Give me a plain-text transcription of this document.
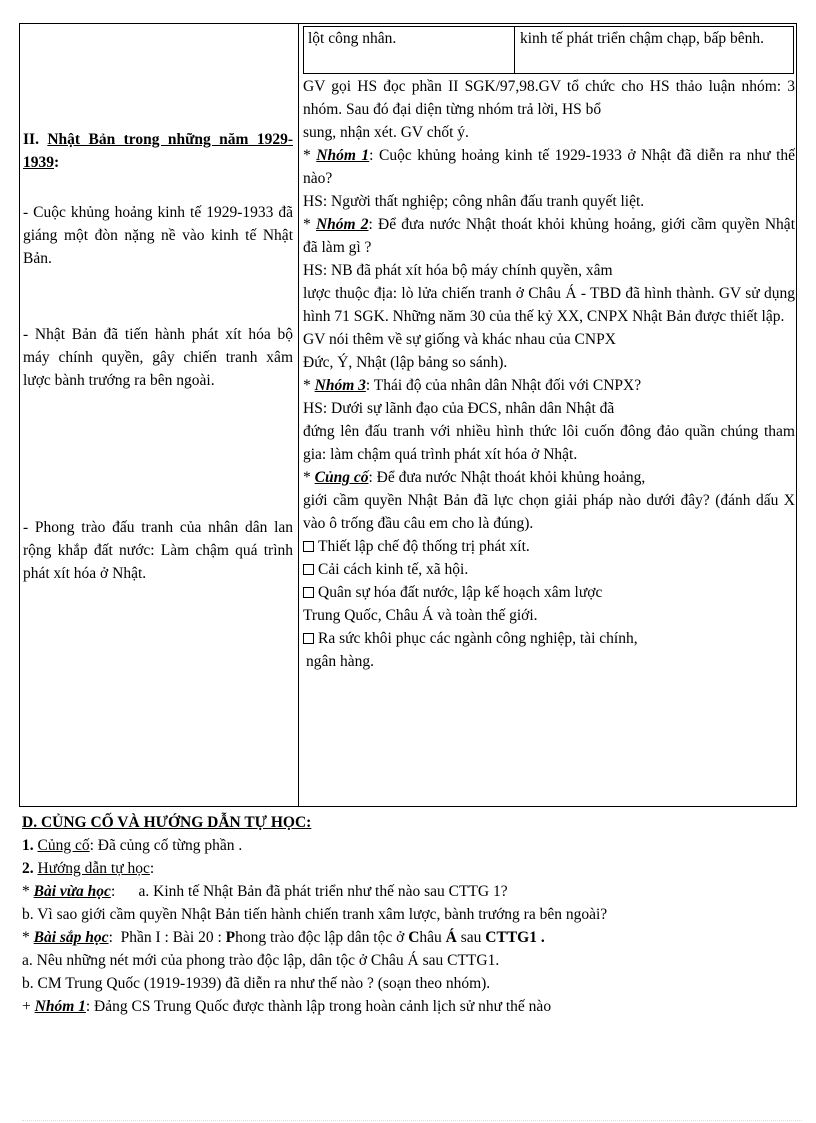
lột công nhân.	kinh tế phát triển chậm chạp, bấp bênh.

II. Nhật Bản trong những năm 1929-1939:

- Cuộc khủng hoảng kinh tế 1929-1933 đã giáng một đòn nặng nề vào kinh tế Nhật Bản.

- Nhật Bản đã tiến hành phát xít hóa bộ máy chính quyền, gây chiến tranh xâm lược bành trướng ra bên ngoài.

- Phong trào đấu tranh của nhân dân lan rộng khắp đất nước: Làm chậm quá trình phát xít hóa ở Nhật.

GV gọi HS đọc phần II SGK/97,98.GV tổ chức cho HS thảo luận nhóm: 3 nhóm. Sau đó đại diện từng nhóm trả lời, HS bổ

sung, nhận xét. GV chốt ý.

* Nhóm 1: Cuộc khủng hoảng kinh tế 1929-1933 ở Nhật đã diễn ra như thế nào?

HS: Người thất nghiệp; công nhân đấu tranh quyết liệt.

* Nhóm 2: Để đưa nước Nhật thoát khỏi khủng hoảng, giới cầm quyền Nhật đã làm gì ?

HS: NB đã phát xít hóa bộ máy chính quyền, xâm

lược thuộc địa: lò lửa chiến tranh ở Châu Á - TBD đã hình thành. GV sử dụng hình 71 SGK. Những năm 30 của thế kỷ XX, CNPX Nhật Bản được thiết lập.

GV nói thêm về sự giống và khác nhau của CNPX

Đức, Ý, Nhật (lập bảng so sánh).

* Nhóm 3: Thái độ của nhân dân Nhật đối với CNPX?

HS: Dưới sự lãnh đạo của ĐCS, nhân dân Nhật đã

đứng lên đấu tranh với nhiều hình thức lôi cuốn đông đảo quần chúng tham gia: làm chậm quá trình phát xít hóa ở Nhật.

* Củng cố: Để đưa nước Nhật thoát khỏi khủng hoảng,

giới cầm quyền Nhật Bản đã lực chọn giải pháp nào dưới đây? (đánh dấu X vào ô trống đầu câu em cho là đúng).

Thiết lập chế độ thống trị phát xít.

Cải cách kinh tế, xã hội.

Quân sự hóa đất nước, lập kế hoạch xâm lược

Trung Quốc, Châu Á và toàn thế giới.

Ra sức khôi phục các ngành công nghiệp, tài chính,

ngân hàng.

D. CỦNG CỐ VÀ HƯỚNG DẪN TỰ HỌC:

1. Củng cố: Đã củng cố từng phần .

2. Hướng dẫn tự học:

* Bài vừa học:      a. Kinh tế Nhật Bản đã phát triển như thế nào sau CTTG 1?

b. Vì sao giới cầm quyền Nhật Bản tiến hành chiến tranh xâm lược, bành trướng ra bên ngoài?

* Bài sắp học:  Phần I : Bài 20 : Phong trào độc lập dân tộc ở Châu Á sau CTTG1 .

a. Nêu những nét mới của phong trào độc lập, dân tộc ở Châu Á sau CTTG1.

b. CM Trung Quốc (1919-1939) đã diễn ra như thế nào ? (soạn theo nhóm).

+ Nhóm 1: Đảng CS Trung Quốc được thành lập trong hoàn cảnh lịch sử như thế nào
